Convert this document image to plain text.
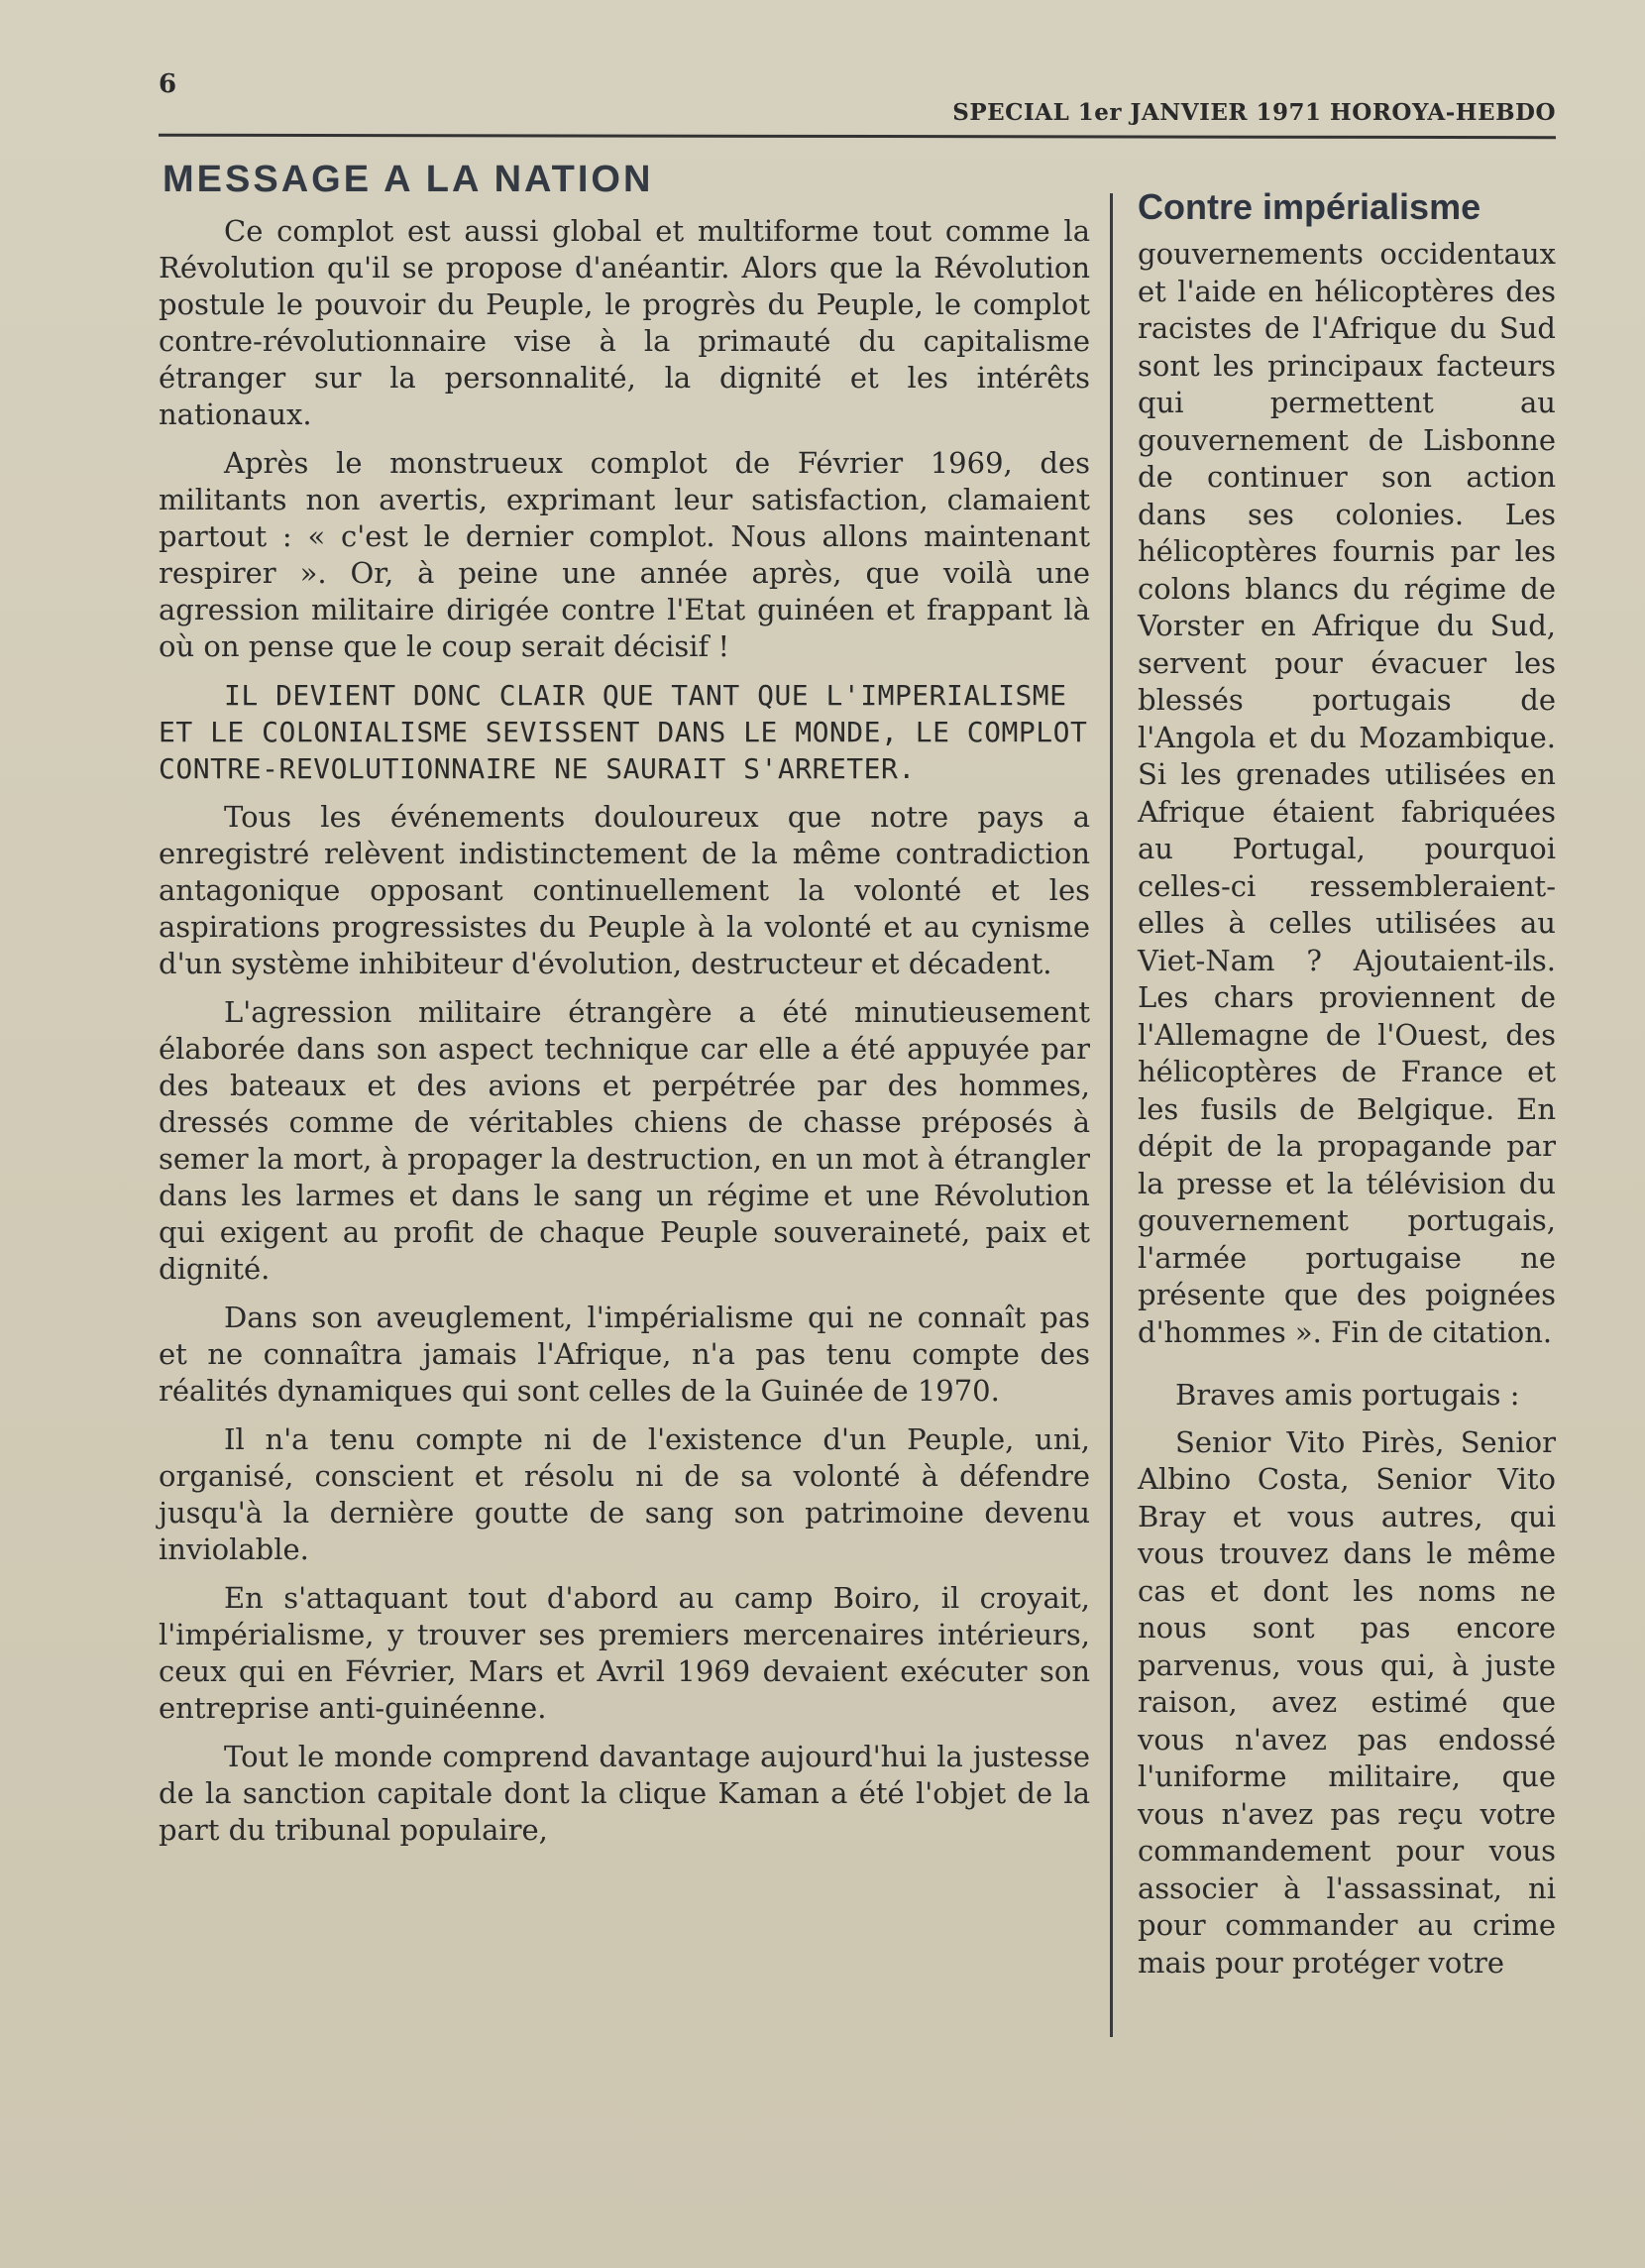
6
SPECIAL 1er JANVIER 1971 HOROYA-HEBDO
MESSAGE A LA NATION

Ce complot est aussi global et multiforme tout comme la Révolution qu'il se propose d'anéantir. Alors que la Révolution postule le pouvoir du Peuple, le progrès du Peuple, le complot contre-révolutionnaire vise à la primauté du capitalisme étranger sur la personnalité, la dignité et les intérêts nationaux.

Après le monstrueux complot de Février 1969, des militants non avertis, exprimant leur satisfaction, clamaient partout : « c'est le dernier complot. Nous allons maintenant respirer ». Or, à peine une année après, que voilà une agression militaire dirigée contre l'Etat guinéen et frappant là où on pense que le coup serait décisif !

IL DEVIENT DONC CLAIR QUE TANT QUE L'IMPERIALISME ET LE COLONIALISME SEVISSENT DANS LE MONDE, LE COMPLOT CONTRE-REVOLUTIONNAIRE NE SAURAIT S'ARRETER.

Tous les événements douloureux que notre pays a enregistré relèvent indistinctement de la même contradiction antagonique opposant continuellement la volonté et les aspirations progressistes du Peuple à la volonté et au cynisme d'un système inhibiteur d'évolution, destructeur et décadent.

L'agression militaire étrangère a été minutieusement élaborée dans son aspect technique car elle a été appuyée par des bateaux et des avions et perpétrée par des hommes, dressés comme de véritables chiens de chasse préposés à semer la mort, à propager la destruction, en un mot à étrangler dans les larmes et dans le sang un régime et une Révolution qui exigent au profit de chaque Peuple souveraineté, paix et dignité.

Dans son aveuglement, l'impérialisme qui ne connaît pas et ne connaîtra jamais l'Afrique, n'a pas tenu compte des réalités dynamiques qui sont celles de la Guinée de 1970.

Il n'a tenu compte ni de l'existence d'un Peuple, uni, organisé, conscient et résolu ni de sa volonté à défendre jusqu'à la dernière goutte de sang son patrimoine devenu inviolable.

En s'attaquant tout d'abord au camp Boiro, il croyait, l'impérialisme, y trouver ses premiers mercenaires intérieurs, ceux qui en Février, Mars et Avril 1969 devaient exécuter son entreprise anti-guinéenne.

Tout le monde comprend davantage aujourd'hui la justesse de la sanction capitale dont la clique Kaman a été l'objet de la part du tribunal populaire,

Contre impérialisme

gouvernements occidentaux et l'aide en hélicoptères des racistes de l'Afrique du Sud sont les principaux facteurs qui permettent au gouvernement de Lisbonne de continuer son action dans ses colonies. Les hélicoptères fournis par les colons blancs du régime de Vorster en Afrique du Sud, servent pour évacuer les blessés portugais de l'Angola et du Mozambique. Si les grenades utilisées en Afrique étaient fabriquées au Portugal, pourquoi celles-ci ressembleraient-elles à celles utilisées au Viet-Nam ? Ajoutaient-ils. Les chars proviennent de l'Allemagne de l'Ouest, des hélicoptères de France et les fusils de Belgique. En dépit de la propagande par la presse et la télévision du gouvernement portugais, l'armée portugaise ne présente que des poignées d'hommes ». Fin de citation.

Braves amis portugais :

Senior Vito Pirès, Senior Albino Costa, Senior Vito Bray et vous autres, qui vous trouvez dans le même cas et dont les noms ne nous sont pas encore parvenus, vous qui, à juste raison, avez estimé que vous n'avez pas endossé l'uniforme militaire, que vous n'avez pas reçu votre commandement pour vous associer à l'assassinat, ni pour commander au crime mais pour protéger votre
